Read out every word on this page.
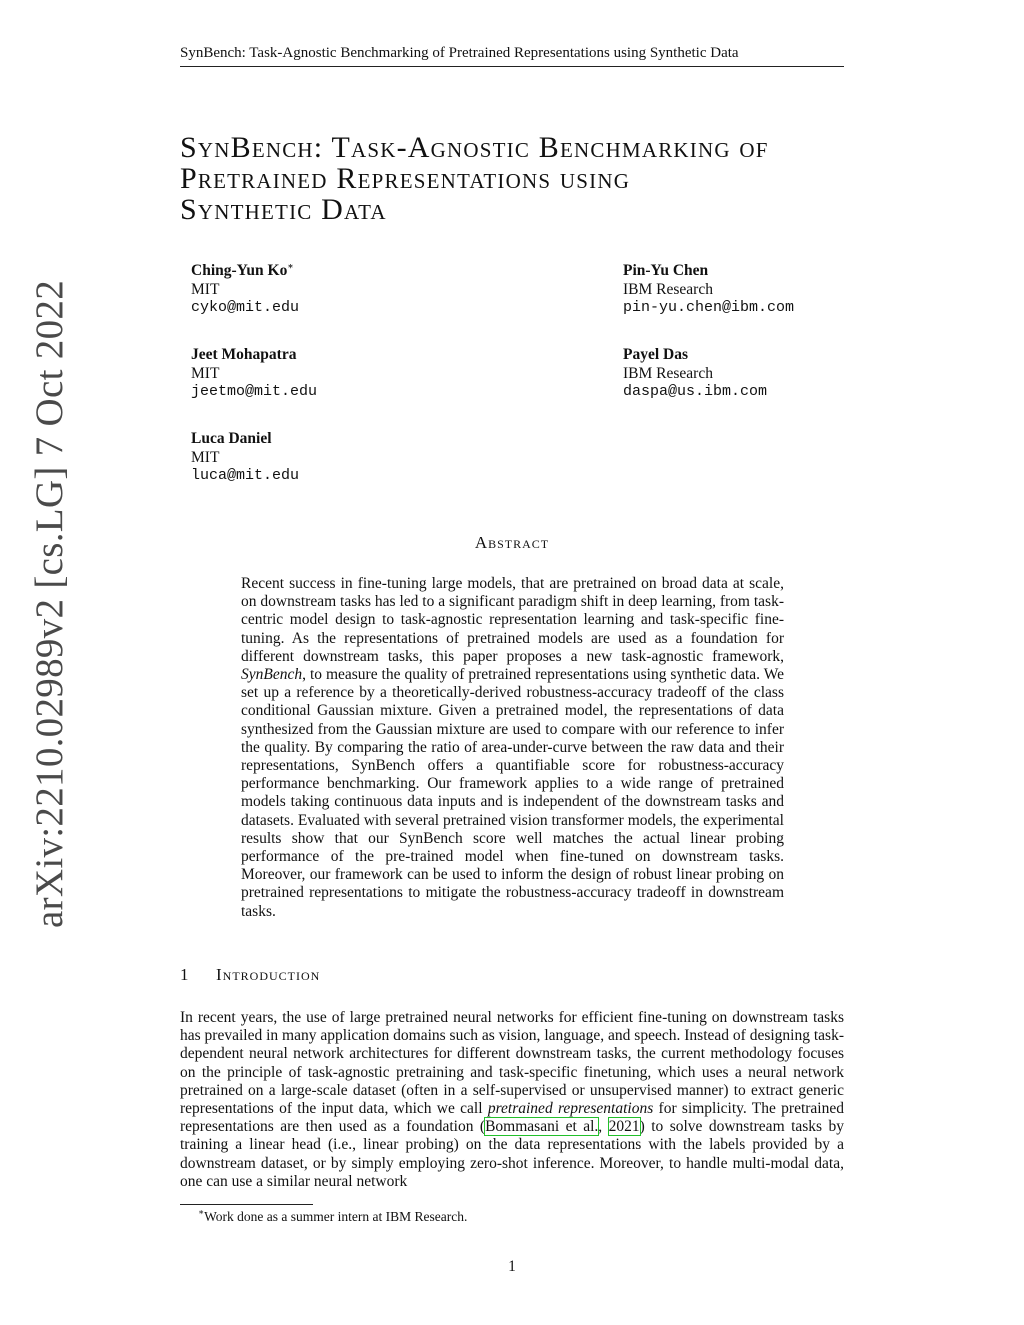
SynBench: Task-Agnostic Benchmarking of Pretrained Representations using Synthetic Data
arXiv:2210.02989v2 [cs.LG] 7 Oct 2022
SynBench: Task-Agnostic Benchmarking of
Pretrained Representations using
Synthetic Data
Ching-Yun Ko∗
MIT
cyko@mit.edu
Pin-Yu Chen
IBM Research
pin-yu.chen@ibm.com
Jeet Mohapatra
MIT
jeetmo@mit.edu
Payel Das
IBM Research
daspa@us.ibm.com
Luca Daniel
MIT
luca@mit.edu
Abstract

Recent success in fine-tuning large models, that are pretrained on broad data at scale, on downstream tasks has led to a significant paradigm shift in deep learning, from task-centric model design to task-agnostic representation learning and task-specific fine-tuning. As the representations of pretrained models are used as a foundation for different downstream tasks, this paper proposes a new task-agnostic framework, SynBench, to measure the quality of pretrained representations using synthetic data. We set up a reference by a theoretically-derived robustness-accuracy tradeoff of the class conditional Gaussian mixture. Given a pretrained model, the representations of data synthesized from the Gaussian mixture are used to compare with our reference to infer the quality. By comparing the ratio of area-under-curve between the raw data and their representations, SynBench offers a quantifiable score for robustness-accuracy performance benchmarking. Our framework applies to a wide range of pretrained models taking continuous data inputs and is independent of the downstream tasks and datasets. Evaluated with several pretrained vision transformer models, the experimental results show that our SynBench score well matches the actual linear probing performance of the pre-trained model when fine-tuned on downstream tasks. Moreover, our framework can be used to inform the design of robust linear probing on pretrained representations to mitigate the robustness-accuracy tradeoff in downstream tasks.

1 Introduction

In recent years, the use of large pretrained neural networks for efficient fine-tuning on downstream tasks has prevailed in many application domains such as vision, language, and speech. Instead of designing task-dependent neural network architectures for different downstream tasks, the current methodology focuses on the principle of task-agnostic pretraining and task-specific finetuning, which uses a neural network pretrained on a large-scale dataset (often in a self-supervised or unsupervised manner) to extract generic representations of the input data, which we call pretrained representations for simplicity. The pretrained representations are then used as a foundation (Bommasani et al., 2021) to solve downstream tasks by training a linear head (i.e., linear probing) on the data representations with the labels provided by a downstream dataset, or by simply employing zero-shot inference. Moreover, to handle multi-modal data, one can use a similar neural network

∗Work done as a summer intern at IBM Research.
1
